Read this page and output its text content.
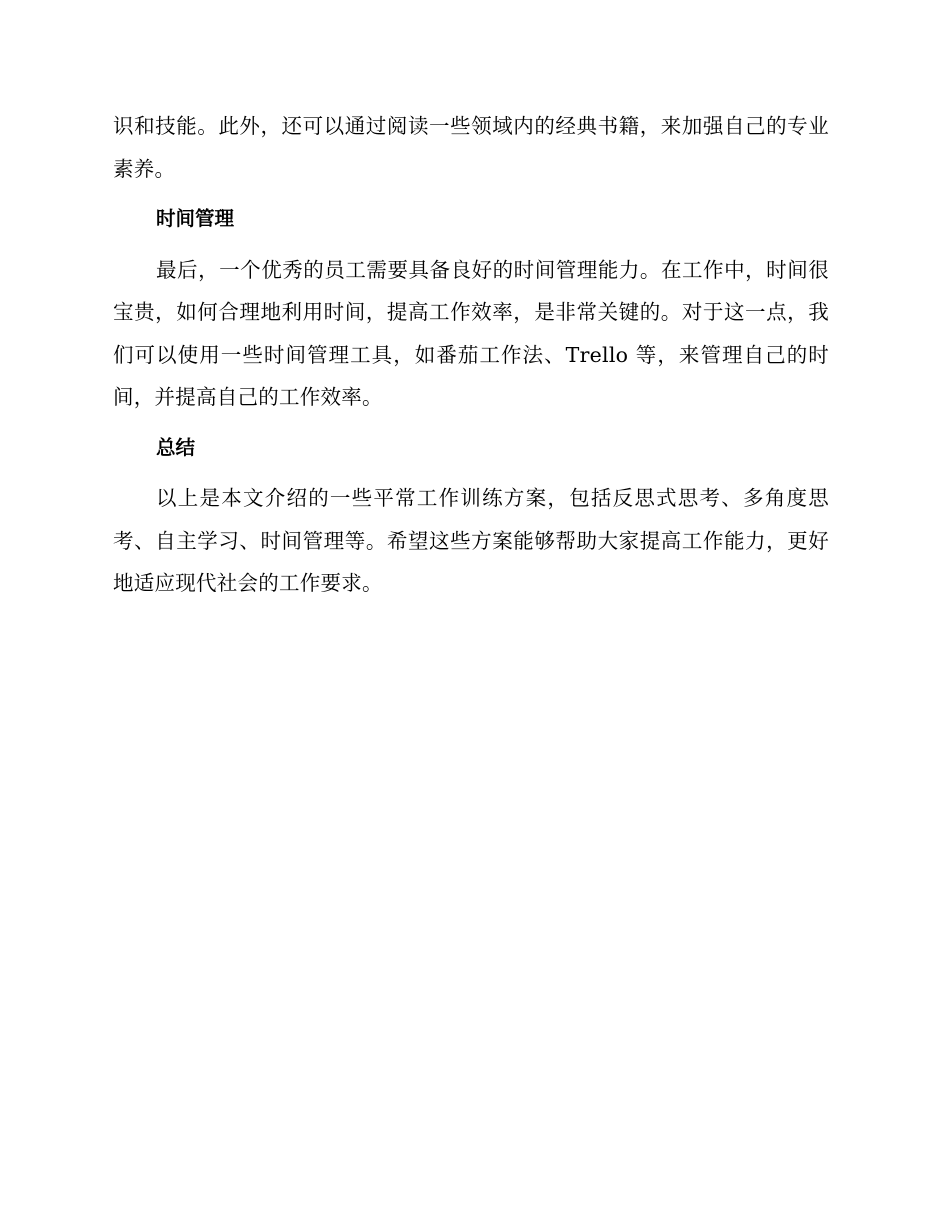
识和技能。此外，还可以通过阅读一些领域内的经典书籍，来加强自己的专业素养。

时间管理

最后，一个优秀的员工需要具备良好的时间管理能力。在工作中，时间很宝贵，如何合理地利用时间，提高工作效率，是非常关键的。对于这一点，我们可以使用一些时间管理工具，如番茄工作法、Trello 等，来管理自己的时间，并提高自己的工作效率。

总结

以上是本文介绍的一些平常工作训练方案，包括反思式思考、多角度思考、自主学习、时间管理等。希望这些方案能够帮助大家提高工作能力，更好地适应现代社会的工作要求。
